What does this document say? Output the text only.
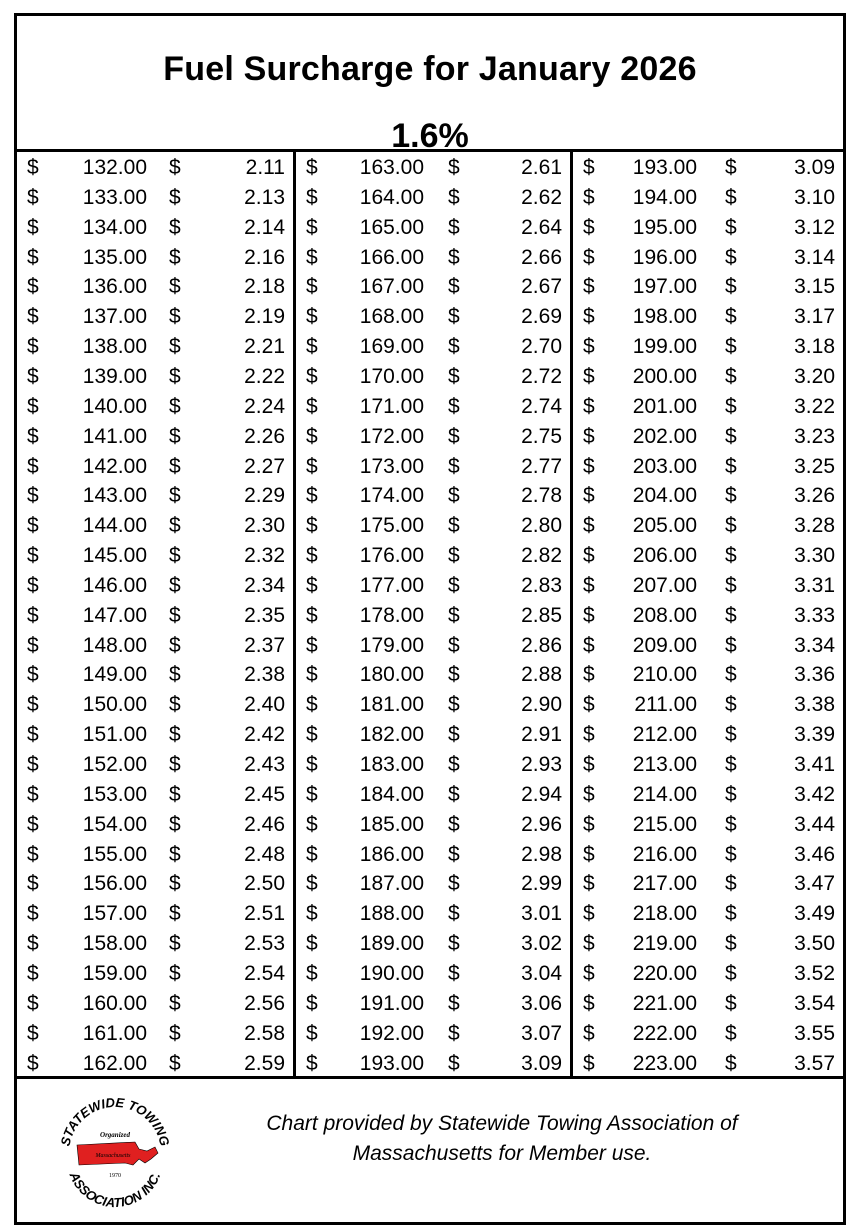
Fuel Surcharge for January 2026
1.6%
$ 132.00 $	2.11
$ 133.00 $	2.13
$ 134.00 $	2.14
$ 135.00 $	2.16
$ 136.00 $	2.18
$ 137.00 $	2.19
$ 138.00 $	2.21
$ 139.00 $	2.22
$ 140.00 $	2.24
$ 141.00 $	2.26
$ 142.00 $	2.27
$ 143.00 $	2.29
$ 144.00 $	2.30
$ 145.00 $	2.32
$ 146.00 $	2.34
$ 147.00 $	2.35
$ 148.00 $	2.37
$ 149.00 $	2.38
$ 150.00 $	2.40
$ 151.00 $	2.42
$ 152.00 $	2.43
$ 153.00 $	2.45
$ 154.00 $	2.46
$ 155.00 $	2.48
$ 156.00 $	2.50
$ 157.00 $	2.51
$ 158.00 $	2.53
$ 159.00 $	2.54
$ 160.00 $	2.56
$ 161.00 $	2.58
$ 162.00 $	2.59
$ 163.00 $	2.61
$ 164.00 $	2.62
$ 165.00 $	2.64
$ 166.00 $	2.66
$ 167.00 $	2.67
$ 168.00 $	2.69
$ 169.00 $	2.70
$ 170.00 $	2.72
$ 171.00 $	2.74
$ 172.00 $	2.75
$ 173.00 $	2.77
$ 174.00 $	2.78
$ 175.00 $	2.80
$ 176.00 $	2.82
$ 177.00 $	2.83
$ 178.00 $	2.85
$ 179.00 $	2.86
$ 180.00 $	2.88
$ 181.00 $	2.90
$ 182.00 $	2.91
$ 183.00 $	2.93
$ 184.00 $	2.94
$ 185.00 $	2.96
$ 186.00 $	2.98
$ 187.00 $	2.99
$ 188.00 $	3.01
$ 189.00 $	3.02
$ 190.00 $	3.04
$ 191.00 $	3.06
$ 192.00 $	3.07
$ 193.00 $	3.09
$ 193.00 $	3.09
$ 194.00 $	3.10
$ 195.00 $	3.12
$ 196.00 $	3.14
$ 197.00 $	3.15
$ 198.00 $	3.17
$ 199.00 $	3.18
$ 200.00 $	3.20
$ 201.00 $	3.22
$ 202.00 $	3.23
$ 203.00 $	3.25
$ 204.00 $	3.26
$ 205.00 $	3.28
$ 206.00 $	3.30
$ 207.00 $	3.31
$ 208.00 $	3.33
$ 209.00 $	3.34
$ 210.00 $	3.36
$ 211.00 $	3.38
$ 212.00 $	3.39
$ 213.00 $	3.41
$ 214.00 $	3.42
$ 215.00 $	3.44
$ 216.00 $	3.46
$ 217.00 $	3.47
$ 218.00 $	3.49
$ 219.00 $	3.50
$ 220.00 $	3.52
$ 221.00 $	3.54
$ 222.00 $	3.55
$ 223.00 $	3.57
STATEWIDE TOWING
ASSOCIATION INC.
Organized
Massachusetts
1970
Chart provided by Statewide Towing Association of
Massachusetts for Member use.
